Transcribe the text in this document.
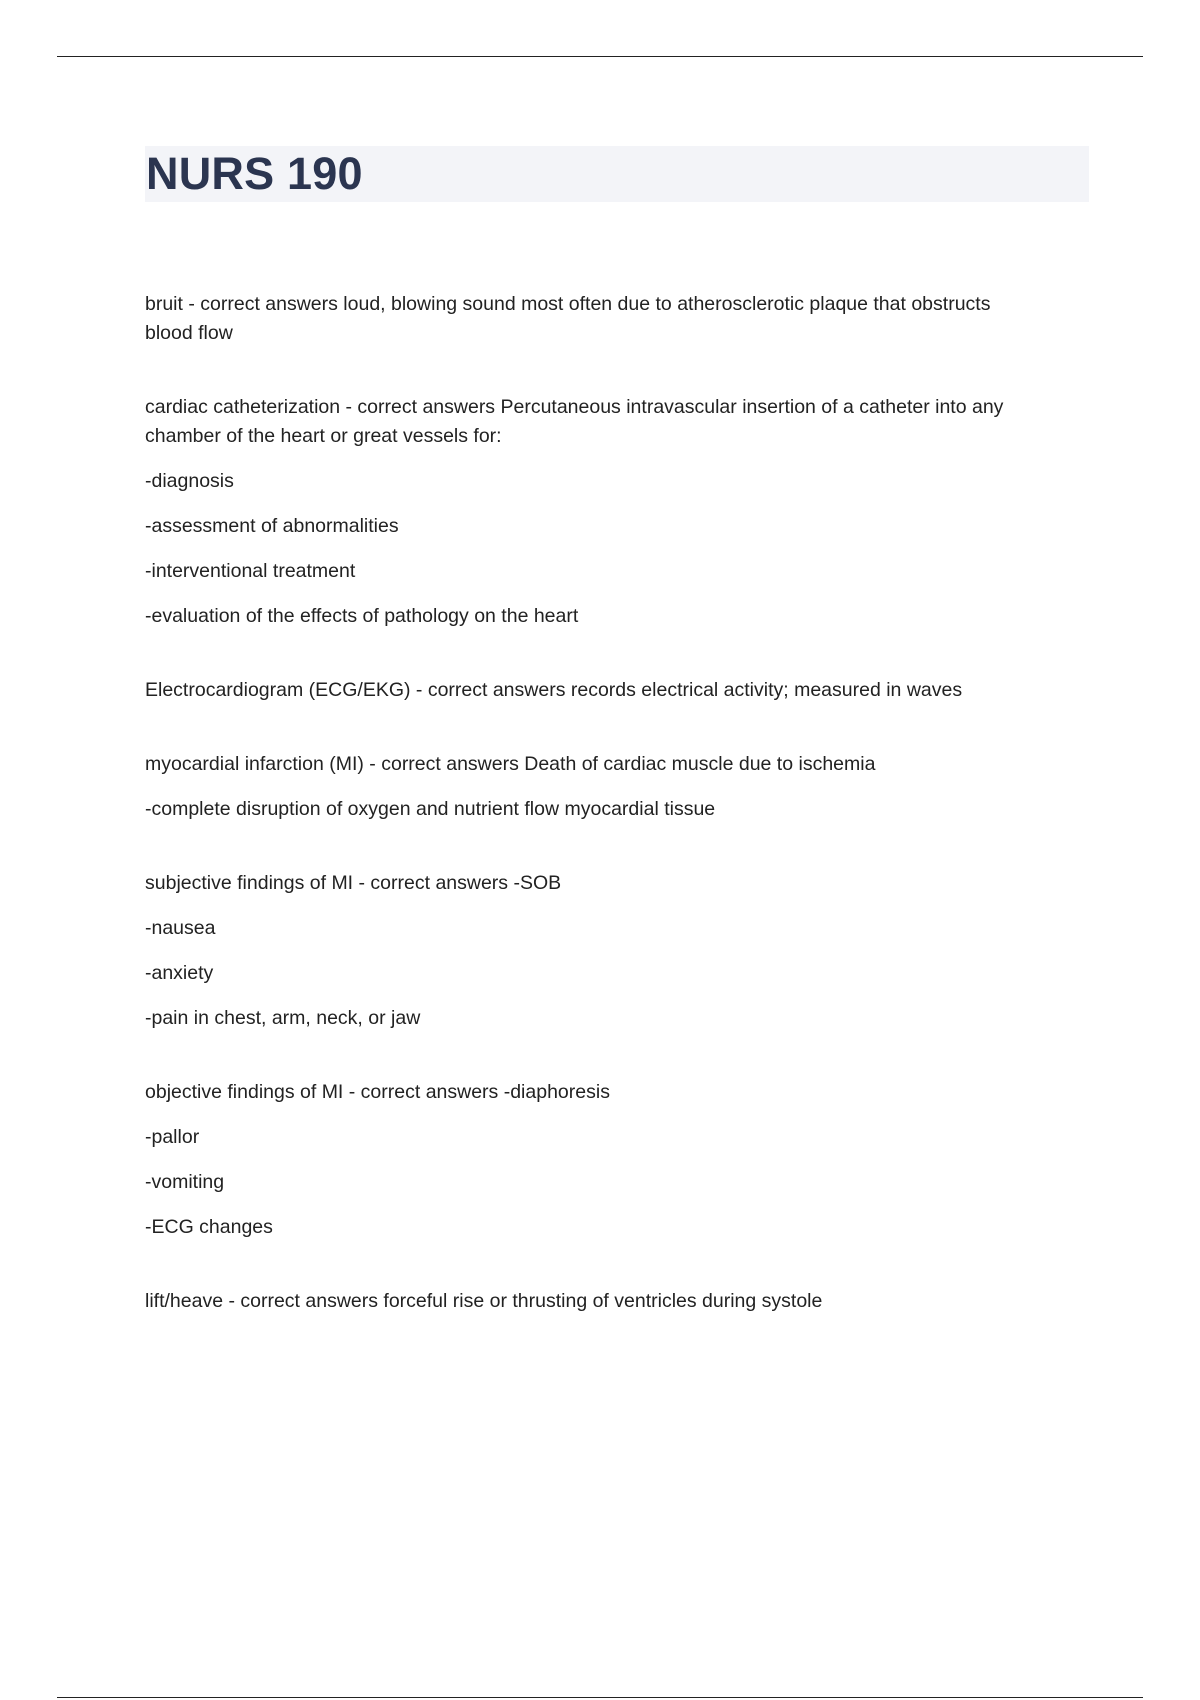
NURS 190

bruit - correct answers loud, blowing sound most often due to atherosclerotic plaque that obstructs

blood flow

cardiac catheterization - correct answers Percutaneous intravascular insertion of a catheter into any

chamber of the heart or great vessels for:

-diagnosis

-assessment of abnormalities

-interventional treatment

-evaluation of the effects of pathology on the heart

Electrocardiogram (ECG/EKG) - correct answers records electrical activity; measured in waves

myocardial infarction (MI) - correct answers Death of cardiac muscle due to ischemia

-complete disruption of oxygen and nutrient flow myocardial tissue

subjective findings of MI - correct answers -SOB

-nausea

-anxiety

-pain in chest, arm, neck, or jaw

objective findings of MI - correct answers -diaphoresis

-pallor

-vomiting

-ECG changes

lift/heave - correct answers forceful rise or thrusting of ventricles during systole
